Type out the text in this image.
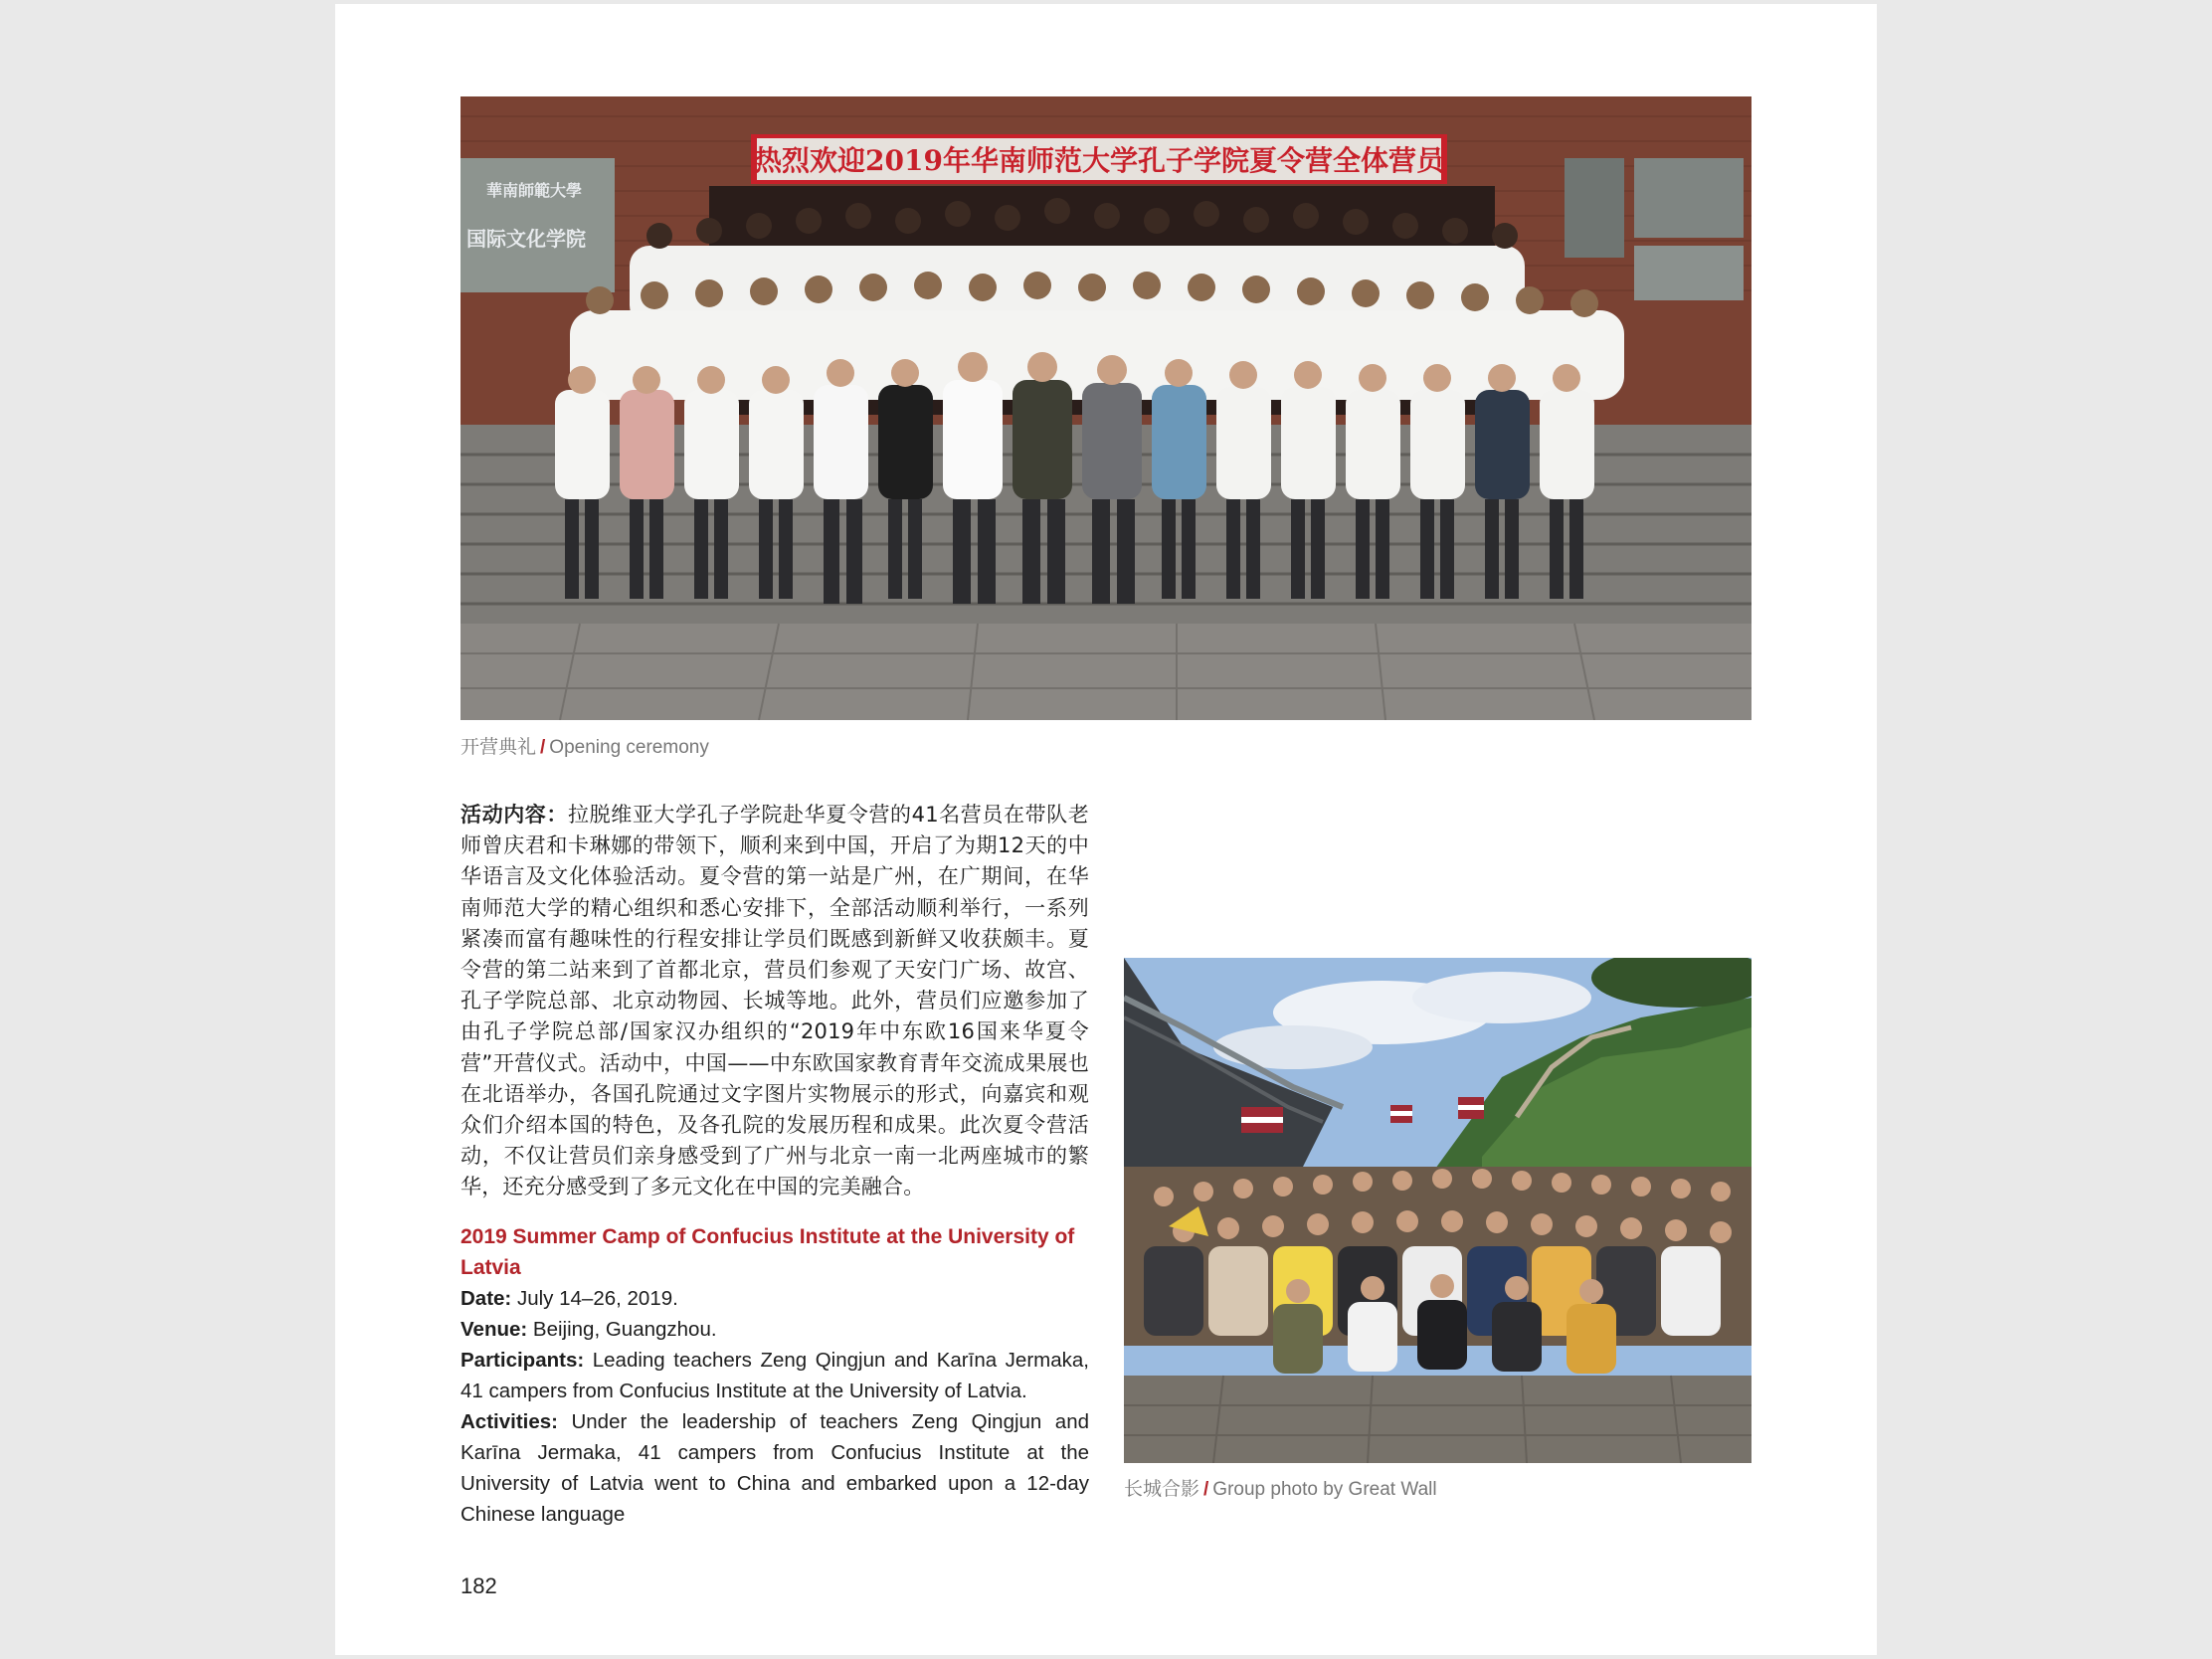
热烈欢迎2019年华南师范大学孔子学院夏令营全体营员
華南師範大學
国际文化学院
开营典礼 / Opening ceremony

活动内容：拉脱维亚大学孔子学院赴华夏令营的41名营员在带队老师曾庆君和卡琳娜的带领下，顺利来到中国，开启了为期12天的中华语言及文化体验活动。夏令营的第一站是广州，在广期间，在华南师范大学的精心组织和悉心安排下，全部活动顺利举行，一系列紧凑而富有趣味性的行程安排让学员们既感到新鲜又收获颇丰。夏令营的第二站来到了首都北京，营员们参观了天安门广场、故宫、孔子学院总部、北京动物园、长城等地。此外，营员们应邀参加了由孔子学院总部/国家汉办组织的“2019年中东欧16国来华夏令营”开营仪式。活动中，中国——中东欧国家教育青年交流成果展也在北语举办，各国孔院通过文字图片实物展示的形式，向嘉宾和观众们介绍本国的特色，及各孔院的发展历程和成果。此次夏令营活动，不仅让营员们亲身感受到了广州与北京一南一北两座城市的繁华，还充分感受到了多元文化在中国的完美融合。

2019 Summer Camp of Confucius Institute at the University of Latvia

Date: July 14–26, 2019.

Venue: Beijing, Guangzhou.

Participants: Leading teachers Zeng Qingjun and Karīna Jermaka, 41 campers from Confucius Institute at the University of Latvia.

Activities: Under the leadership of teachers Zeng Qingjun and Karīna Jermaka, 41 campers from Confucius Institute at the University of Latvia went to China and embarked upon a 12-day Chinese language

长城合影 / Group photo by Great Wall
182
